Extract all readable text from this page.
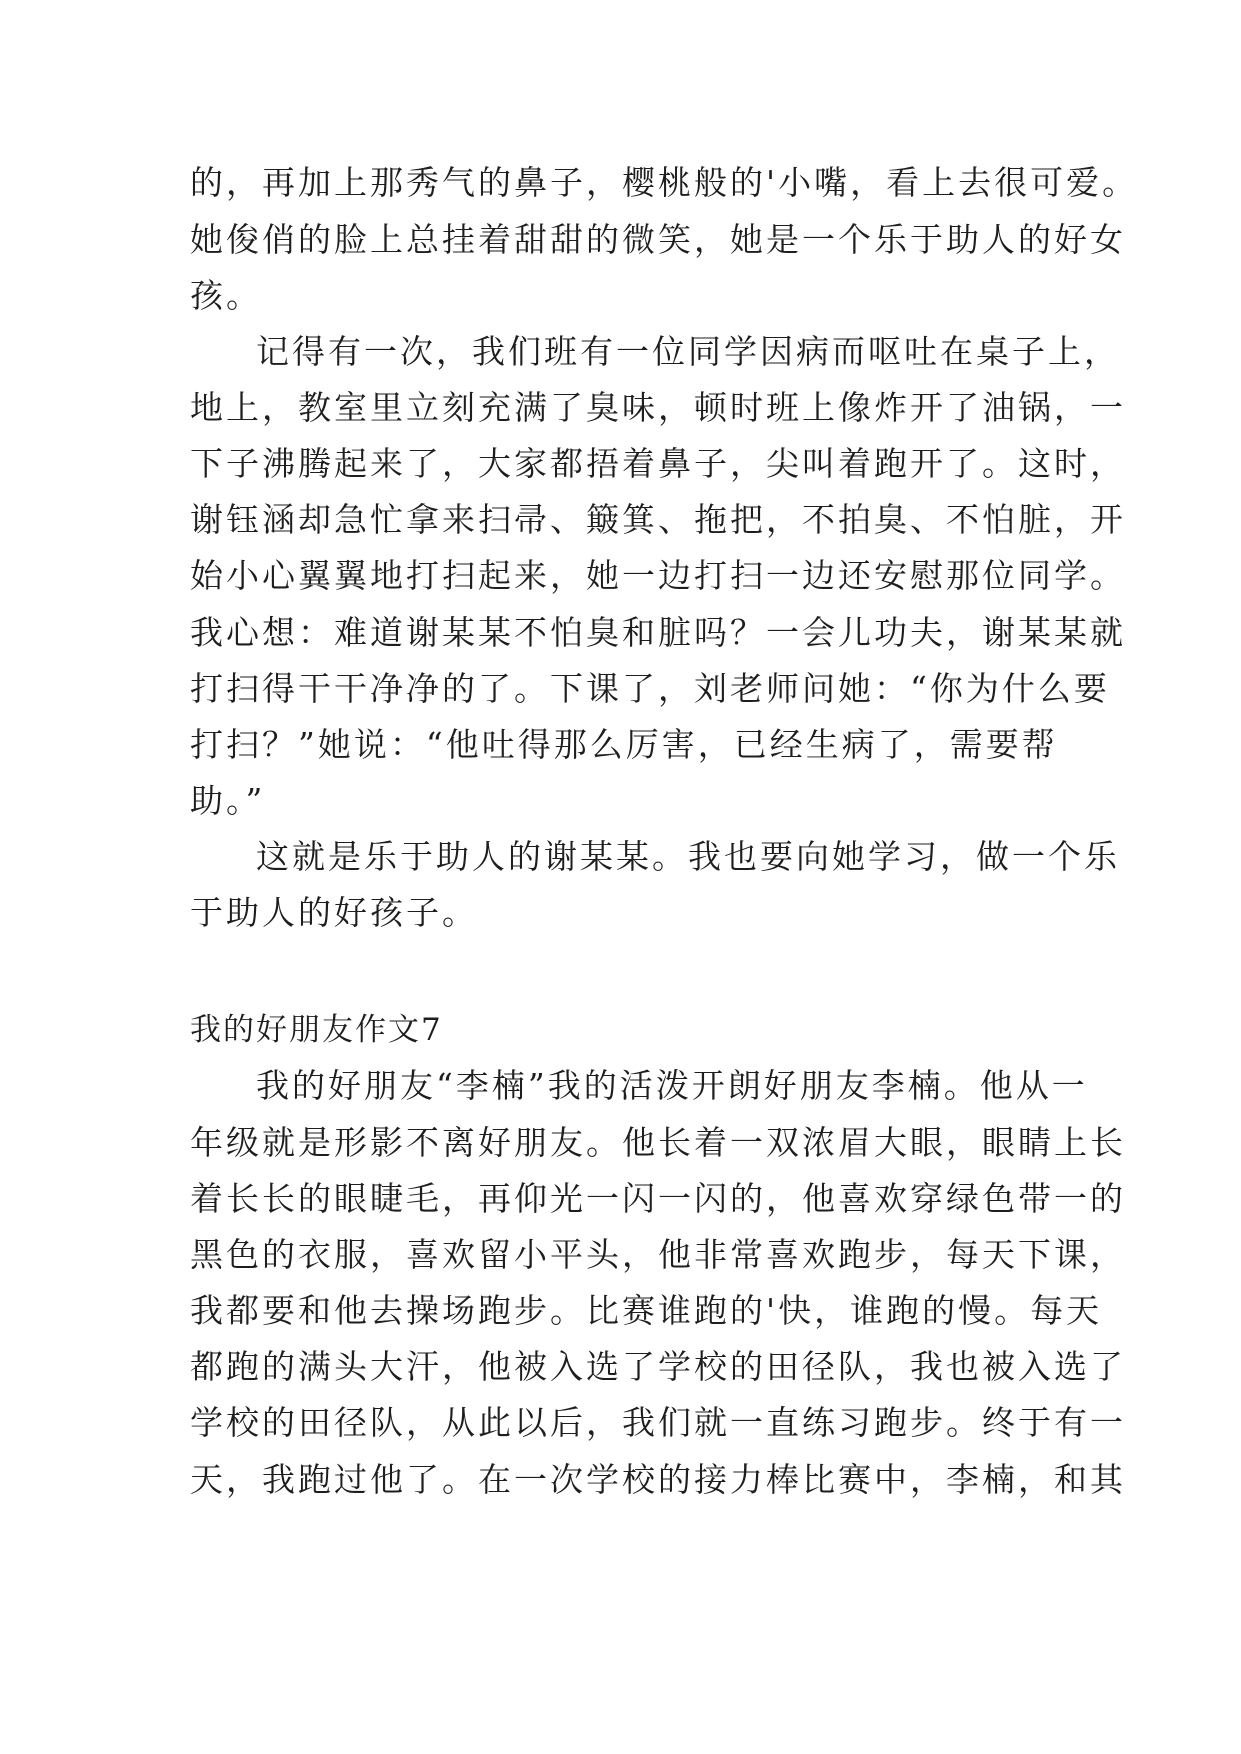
的，再加上那秀气的鼻子，樱桃般的'小嘴，看上去很可爱。
她俊俏的脸上总挂着甜甜的微笑，她是一个乐于助人的好女
孩。
记得有一次，我们班有一位同学因病而呕吐在桌子上，
地上，教室里立刻充满了臭味，顿时班上像炸开了油锅，一
下子沸腾起来了，大家都捂着鼻子，尖叫着跑开了。这时，
谢钰涵却急忙拿来扫帚、簸箕、拖把，不拍臭、不怕脏，开
始小心翼翼地打扫起来，她一边打扫一边还安慰那位同学。
我心想：难道谢某某不怕臭和脏吗？一会儿功夫，谢某某就
打扫得干干净净的了。下课了，刘老师问她：“你为什么要
打扫？”她说：“他吐得那么厉害，已经生病了，需要帮
助。”
这就是乐于助人的谢某某。我也要向她学习，做一个乐
于助人的好孩子。
我的好朋友作文7
我的好朋友“李楠”我的活泼开朗好朋友李楠。他从一
年级就是形影不离好朋友。他长着一双浓眉大眼，眼睛上长
着长长的眼睫毛，再仰光一闪一闪的，他喜欢穿绿色带一的
黑色的衣服，喜欢留小平头，他非常喜欢跑步，每天下课，
我都要和他去操场跑步。比赛谁跑的'快，谁跑的慢。每天
都跑的满头大汗，他被入选了学校的田径队，我也被入选了
学校的田径队，从此以后，我们就一直练习跑步。终于有一
天，我跑过他了。在一次学校的接力棒比赛中，李楠，和其
